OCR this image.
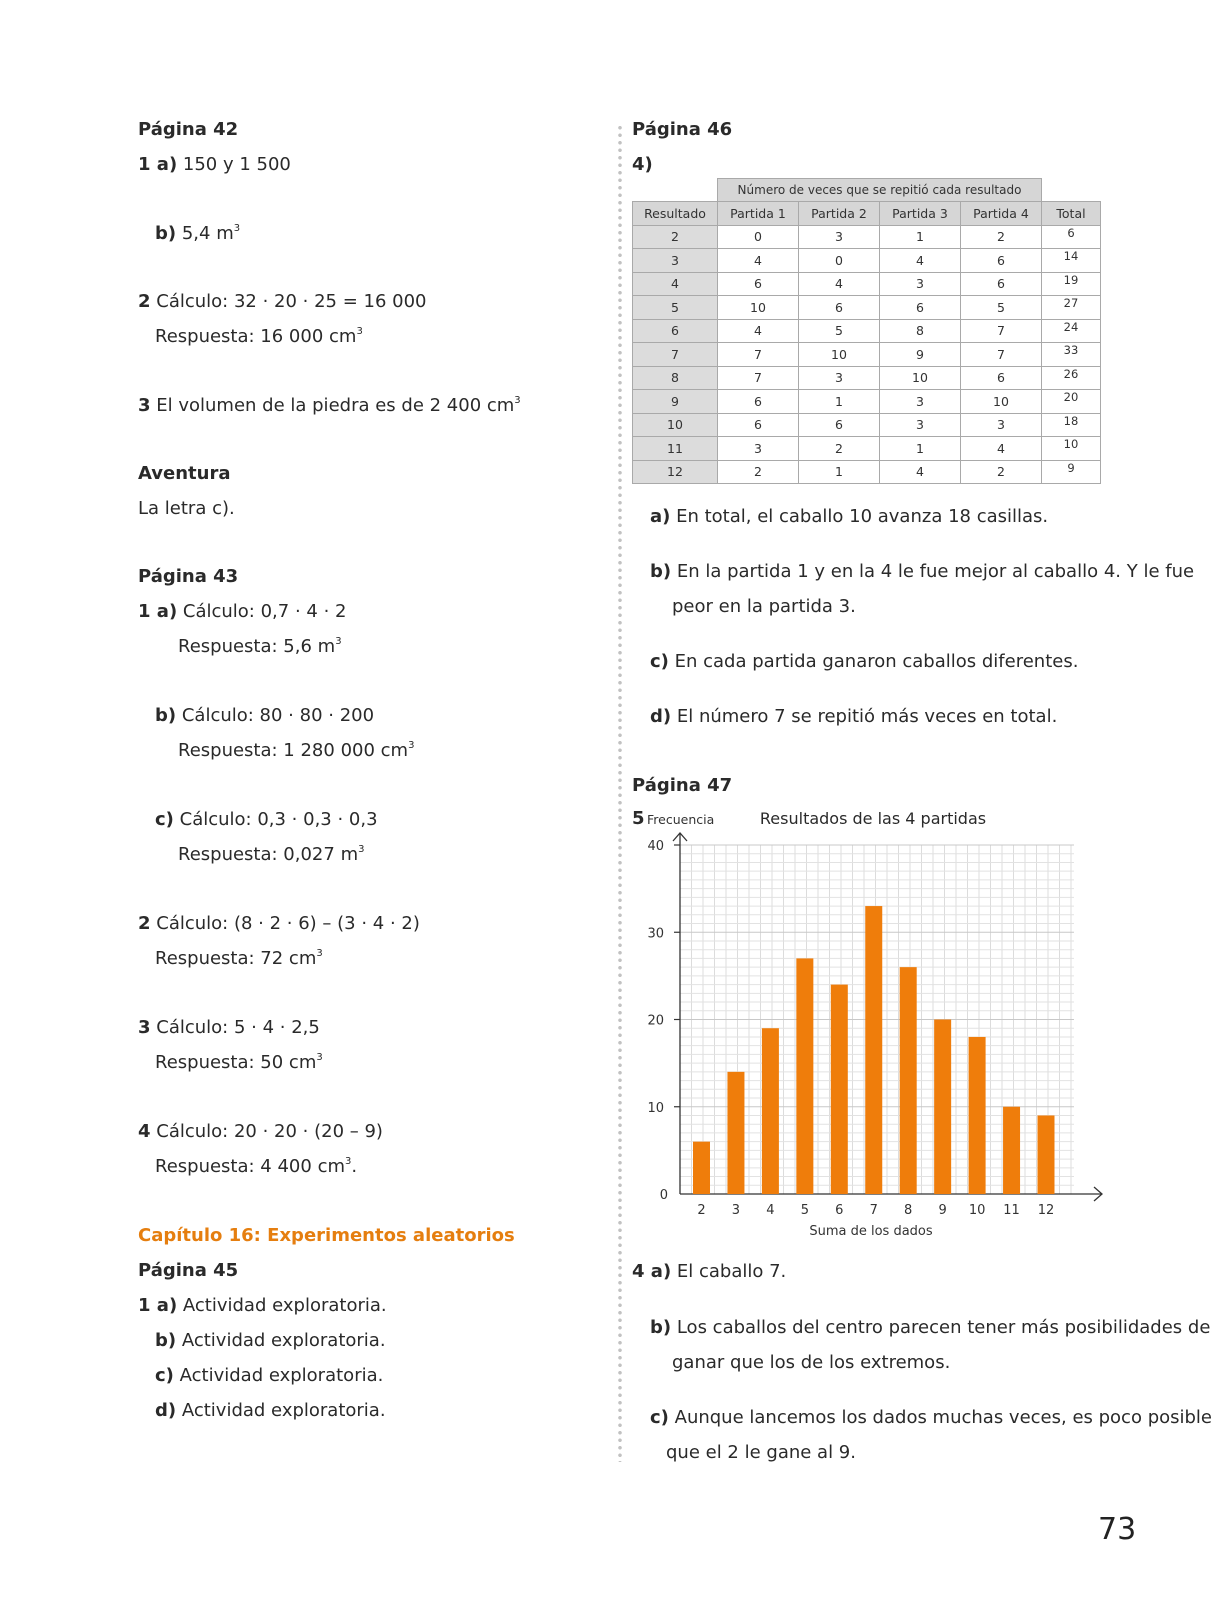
Página 42
1 a) 150 y 1 500
b) 5,4 $m^3$
2 Cálculo: 32 · 20 · 25 = 16 000
Respuesta: 16 000 $cm^3$
3 El volumen de la piedra es de 2 400 $cm^3$
Aventura
La letra c).
Página 43
1 a) Cálculo: 0,7 · 4 · 2
Respuesta: 5,6 $m^3$
b) Cálculo: 80 · 80 · 200
Respuesta: 1 280 000 $cm^3$
c) Cálculo: 0,3 · 0,3 · 0,3
Respuesta: 0,027 $m^3$
2 Cálculo: (8 · 2 · 6) – (3 · 4 · 2)
Respuesta: 72 $cm^3$
3 Cálculo: 5 · 4 · 2,5
Respuesta: 50 $cm^3$
4 Cálculo: 20 · 20 · (20 – 9)
Respuesta: 4 400 $cm^3$.
Capítulo 16: Experimentos aleatorios
Página 45
1 a) Actividad exploratoria.
b) Actividad exploratoria.
c) Actividad exploratoria.
d) Actividad exploratoria.
Página 46
4)
a) En total, el caballo 10 avanza 18 casillas.
b) En la partida 1 y en la 4 le fue mejor al caballo 4. Y le fue
peor en la partida 3.
c) En cada partida ganaron caballos diferentes.
d) El número 7 se repitió más veces en total.
Página 47
4 a) El caballo 7.
b) Los caballos del centro parecen tener más posibilidades de
ganar que los de los extremos.
c) Aunque lancemos los dados muchas veces, es poco posible
que el 2 le gane al 9.
	Número de veces que se repitió cada resultado				
Resultado	Partida 1	Partida 2	Partida 3	Partida 4	Total
2	0	3	1	2	6
3	4	0	4	6	14
4	6	4	3	6	19
5	10	6	6	5	27
6	4	5	8	7	24
7	7	10	9	7	33
8	7	3	10	6	26
9	6	1	3	10	20
10	6	6	3	3	18
11	3	2	1	4	10
12	2	1	4	2	9
0
10
20
30
40
2 3 4 5 6 7 8 9 10 11 12
5 Frecuencia	Resultados de las 4 partidas
Suma de los dados
73
